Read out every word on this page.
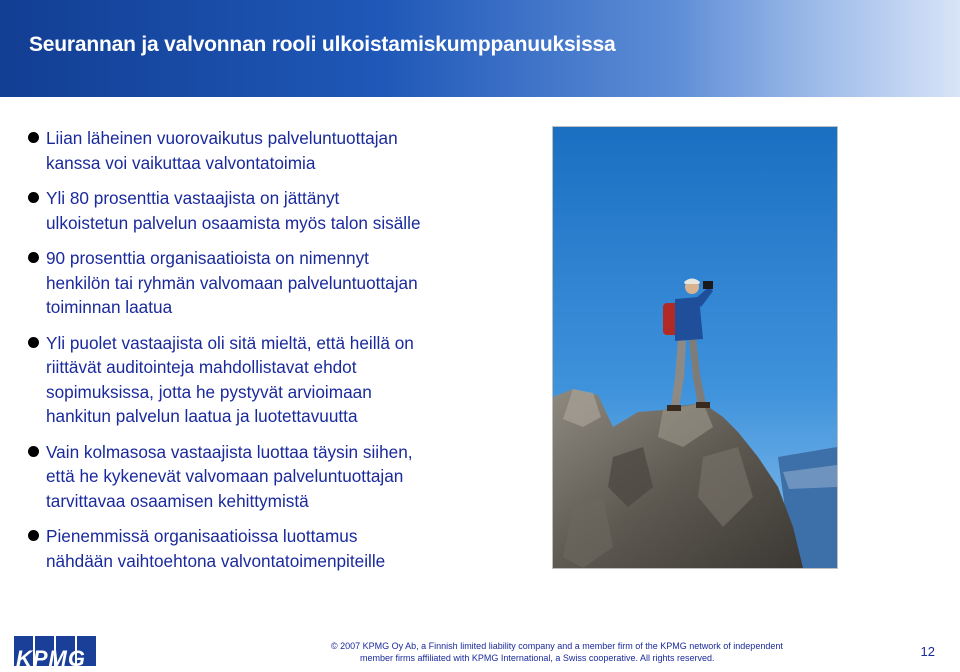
Seurannan ja valvonnan rooli ulkoistamiskumppanuuksissa
Liian läheinen vuorovaikutus palveluntuottajan
kanssa voi vaikuttaa valvontatoimia
Yli 80 prosenttia vastaajista on jättänyt
ulkoistetun palvelun osaamista myös talon sisälle
90 prosenttia organisaatioista on nimennyt
henkilön tai ryhmän valvomaan palveluntuottajan
toiminnan laatua
Yli puolet vastaajista oli sitä mieltä, että heillä on
riittävät auditointeja mahdollistavat ehdot
sopimuksissa, jotta he pystyvät arvioimaan
hankitun palvelun laatua ja luotettavuutta
Vain kolmasosa vastaajista luottaa täysin siihen,
että he kykenevät valvomaan palveluntuottajan
tarvittavaa osaamisen kehittymistä
Pienemmissä organisaatioissa luottamus
nähdään vaihtoehtona valvontatoimenpiteille
KPMG	© 2007 KPMG Oy Ab, a Finnish limited liability company and a member firm of the KPMG network of independent
member firms affiliated with KPMG International, a Swiss cooperative. All rights reserved.	12
